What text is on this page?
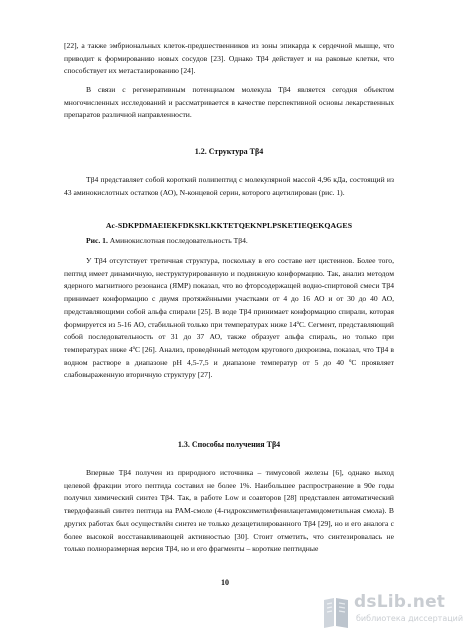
[22], а также эмбриональных клеток-предшественников из зоны эпикарда к сердечной мышце, что приводит к формированию новых сосудов [23]. Однако Tβ4 действует и на раковые клетки, что способствует их метастазированию [24].

В связи с регенеративным потенциалом молекула Tβ4 является сегодня объектом многочисленных исследований и рассматривается в качестве перспективной основы лекарственных препаратов различной направленности.

1.2. Структура Tβ4

Tβ4 представляет собой короткий полипептид с молекулярной массой 4,96 кДа, состоящий из 43 аминокислотных остатков (АО), N-концевой серин, которого ацетилирован (рис. 1).

Ac-SDKPDMAEIEKFDKSKLKKTETQEKNPLPSKETIEQEKQAGES

Рис. 1. Аминокислотная последовательность Tβ4.

У Tβ4 отсутствует третичная структура, поскольку в его составе нет цистеинов. Более того, пептид имеет динамичную, неструктурированную и подвижную конформацию. Так, анализ методом ядерного магнитного резонанса (ЯМР) показал, что во фторсодержащей водно-спиртовой смеси Tβ4 принимает конформацию с двумя протяжёнными участками от 4 до 16 АО и от 30 до 40 АО, представляющими собой альфа спирали [25]. В воде Tβ4 принимает конформацию спирали, которая формируется из 5-16 АО, стабильной только при температурах ниже 14ºС. Сегмент, представляющий собой последовательность от 31 до 37 АО, также образует альфа спираль, но только при температурах ниже 4ºС [26]. Анализ, проведённый методом кругового дихроизма, показал, что Tβ4 в водном растворе в диапазоне pH 4,5-7,5 и диапазоне температур от 5 до 40 ºС проявляет слабовыраженную вторичную структуру [27].

1.3. Способы получения Tβ4

Впервые Tβ4 получен из природного источника – тимусовой железы [6], однако выход целевой фракции этого пептида составил не более 1%. Наибольшее распространение в 90е годы получил химический синтез Tβ4. Так, в работе Low и соавторов [28] представлен автоматический твердофазный синтез пептида на PAM-смоле (4-гидроксиметилфенилацетамидометильная смола). В других работах был осуществлён синтез не только дезацетилированного Tβ4 [29], но и его аналога с более высокой восстанавливающей активностью [30]. Стоит отметить, что синтезировалась не только полноразмерная версия Tβ4, но и его фрагменты – короткие пептидные

10

dsLib.net
библиотека диссертаций
